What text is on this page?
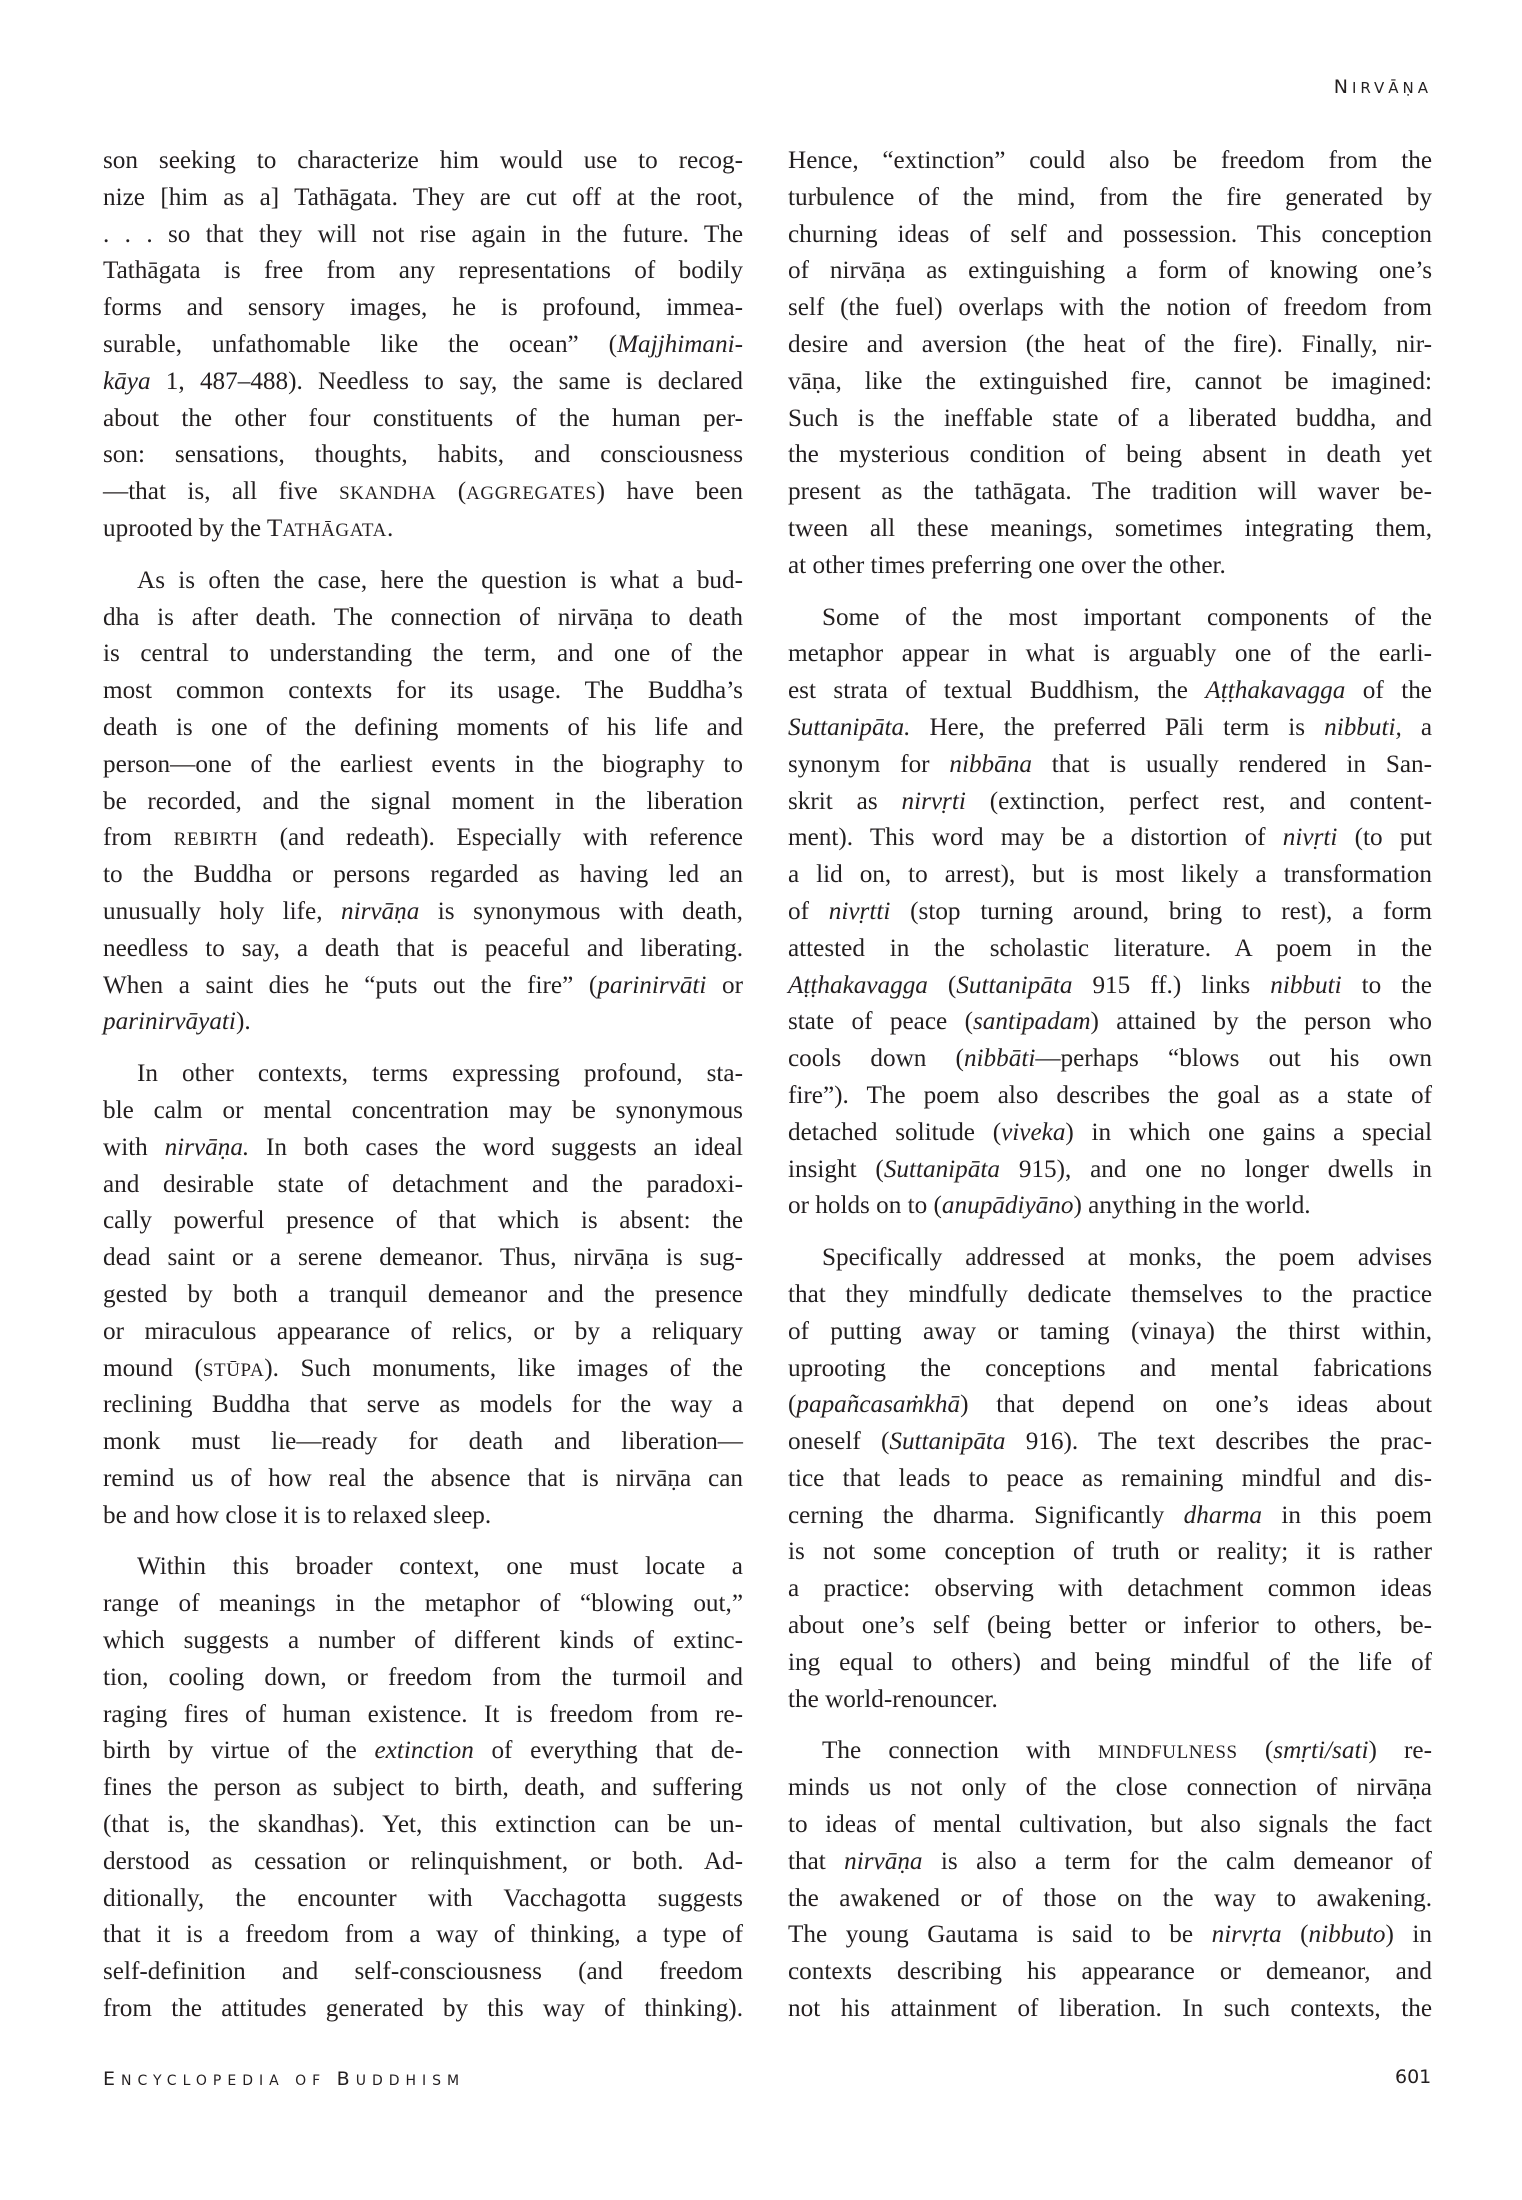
NIRVĀṆA
son seeking to characterize him would use to recog-
nize [him as a] Tathāgata. They are cut off at the root,
. . . so that they will not rise again in the future. The
Tathāgata is free from any representations of bodily
forms and sensory images, he is profound, immea-
surable, unfathomable like the ocean” (Majjhimani-
kāya 1, 487–488). Needless to say, the same is declared
about the other four constituents of the human per-
son: sensations, thoughts, habits, and consciousness
—that is, all five SKANDHA (AGGREGATES) have been
uprooted by the TATHĀGATA.
As is often the case, here the question is what a bud-
dha is after death. The connection of nirvāṇa to death
is central to understanding the term, and one of the
most common contexts for its usage. The Buddha’s
death is one of the defining moments of his life and
person—one of the earliest events in the biography to
be recorded, and the signal moment in the liberation
from REBIRTH (and redeath). Especially with reference
to the Buddha or persons regarded as having led an
unusually holy life, nirvāṇa is synonymous with death,
needless to say, a death that is peaceful and liberating.
When a saint dies he “puts out the fire” (parinirvāti or
parinirvāyati).
In other contexts, terms expressing profound, sta-
ble calm or mental concentration may be synonymous
with nirvāṇa. In both cases the word suggests an ideal
and desirable state of detachment and the paradoxi-
cally powerful presence of that which is absent: the
dead saint or a serene demeanor. Thus, nirvāṇa is sug-
gested by both a tranquil demeanor and the presence
or miraculous appearance of relics, or by a reliquary
mound (STŪPA). Such monuments, like images of the
reclining Buddha that serve as models for the way a
monk must lie—ready for death and liberation—
remind us of how real the absence that is nirvāṇa can
be and how close it is to relaxed sleep.
Within this broader context, one must locate a
range of meanings in the metaphor of “blowing out,”
which suggests a number of different kinds of extinc-
tion, cooling down, or freedom from the turmoil and
raging fires of human existence. It is freedom from re-
birth by virtue of the extinction of everything that de-
fines the person as subject to birth, death, and suffering
(that is, the skandhas). Yet, this extinction can be un-
derstood as cessation or relinquishment, or both. Ad-
ditionally, the encounter with Vacchagotta suggests
that it is a freedom from a way of thinking, a type of
self-definition and self-consciousness (and freedom
from the attitudes generated by this way of thinking).
Hence, “extinction” could also be freedom from the
turbulence of the mind, from the fire generated by
churning ideas of self and possession. This conception
of nirvāṇa as extinguishing a form of knowing one’s
self (the fuel) overlaps with the notion of freedom from
desire and aversion (the heat of the fire). Finally, nir-
vāṇa, like the extinguished fire, cannot be imagined:
Such is the ineffable state of a liberated buddha, and
the mysterious condition of being absent in death yet
present as the tathāgata. The tradition will waver be-
tween all these meanings, sometimes integrating them,
at other times preferring one over the other.
Some of the most important components of the
metaphor appear in what is arguably one of the earli-
est strata of textual Buddhism, the Aṭṭhakavagga of the
Suttanipāta. Here, the preferred Pāli term is nibbuti, a
synonym for nibbāna that is usually rendered in San-
skrit as nirvṛti (extinction, perfect rest, and content-
ment). This word may be a distortion of nivṛti (to put
a lid on, to arrest), but is most likely a transformation
of nivṛtti (stop turning around, bring to rest), a form
attested in the scholastic literature. A poem in the
Aṭṭhakavagga (Suttanipāta 915 ff.) links nibbuti to the
state of peace (santipadam) attained by the person who
cools down (nibbāti—perhaps “blows out his own
fire”). The poem also describes the goal as a state of
detached solitude (viveka) in which one gains a special
insight (Suttanipāta 915), and one no longer dwells in
or holds on to (anupādiyāno) anything in the world.
Specifically addressed at monks, the poem advises
that they mindfully dedicate themselves to the practice
of putting away or taming (vinaya) the thirst within,
uprooting the conceptions and mental fabrications
(papañcasaṁkhā) that depend on one’s ideas about
oneself (Suttanipāta 916). The text describes the prac-
tice that leads to peace as remaining mindful and dis-
cerning the dharma. Significantly dharma in this poem
is not some conception of truth or reality; it is rather
a practice: observing with detachment common ideas
about one’s self (being better or inferior to others, be-
ing equal to others) and being mindful of the life of
the world-renouncer.
The connection with MINDFULNESS (smṛti/sati) re-
minds us not only of the close connection of nirvāṇa
to ideas of mental cultivation, but also signals the fact
that nirvāṇa is also a term for the calm demeanor of
the awakened or of those on the way to awakening.
The young Gautama is said to be nirvṛta (nibbuto) in
contexts describing his appearance or demeanor, and
not his attainment of liberation. In such contexts, the
ENCYCLOPEDIA OF BUDDHISM	601
